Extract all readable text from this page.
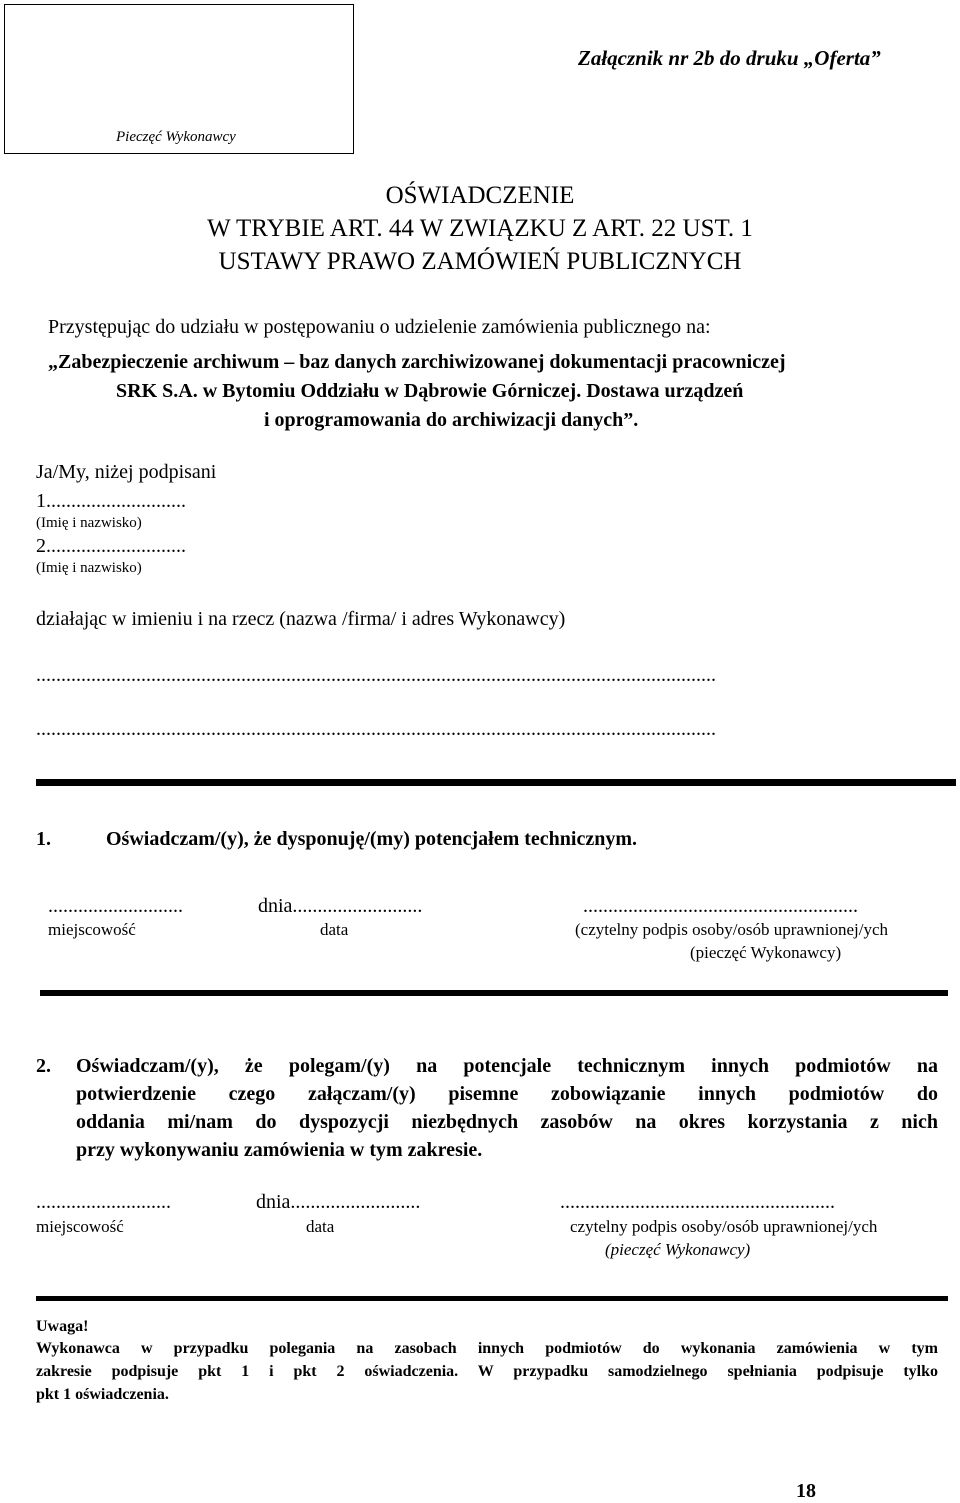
Pieczęć Wykonawcy
Załącznik nr 2b do druku „Oferta”
OŚWIADCZENIE
W TRYBIE ART. 44 W ZWIĄZKU Z ART. 22 UST. 1
USTAWY PRAWO ZAMÓWIEŃ PUBLICZNYCH
Przystępując do udziału w postępowaniu o udzielenie zamówienia publicznego na:
„Zabezpieczenie archiwum – baz danych zarchiwizowanej dokumentacji pracowniczej
SRK S.A. w Bytomiu Oddziału w Dąbrowie Górniczej. Dostawa urządzeń
i oprogramowania do archiwizacji danych”.
Ja/My, niżej podpisani
1............................
(Imię i nazwisko)
2............................
(Imię i nazwisko)
działając w imieniu i na rzecz (nazwa /firma/ i adres Wykonawcy)
........................................................................................................................................
........................................................................................................................................
1.	Oświadczam/(y), że dysponuję/(my) potencjałem technicznym.
...........................	dnia..........................	.......................................................
miejscowość	data	(czytelny podpis osoby/osób uprawnionej/ych
(pieczęć Wykonawcy)
2. Oświadczam/(y), że polegam/(y) na potencjale technicznym innych podmiotów na
potwierdzenie czego załączam/(y) pisemne zobowiązanie innych podmiotów do
oddania mi/nam do dyspozycji niezbędnych zasobów na okres korzystania z nich
przy wykonywaniu zamówienia w tym zakresie.
...........................	dnia..........................	.......................................................
miejscowość	data	czytelny podpis osoby/osób uprawnionej/ych
(pieczęć Wykonawcy)
Uwaga!
Wykonawca w przypadku polegania na zasobach innych podmiotów do wykonania zamówienia w tym
zakresie podpisuje pkt 1 i pkt 2 oświadczenia. W przypadku samodzielnego spełniania podpisuje tylko
pkt 1 oświadczenia.
18
